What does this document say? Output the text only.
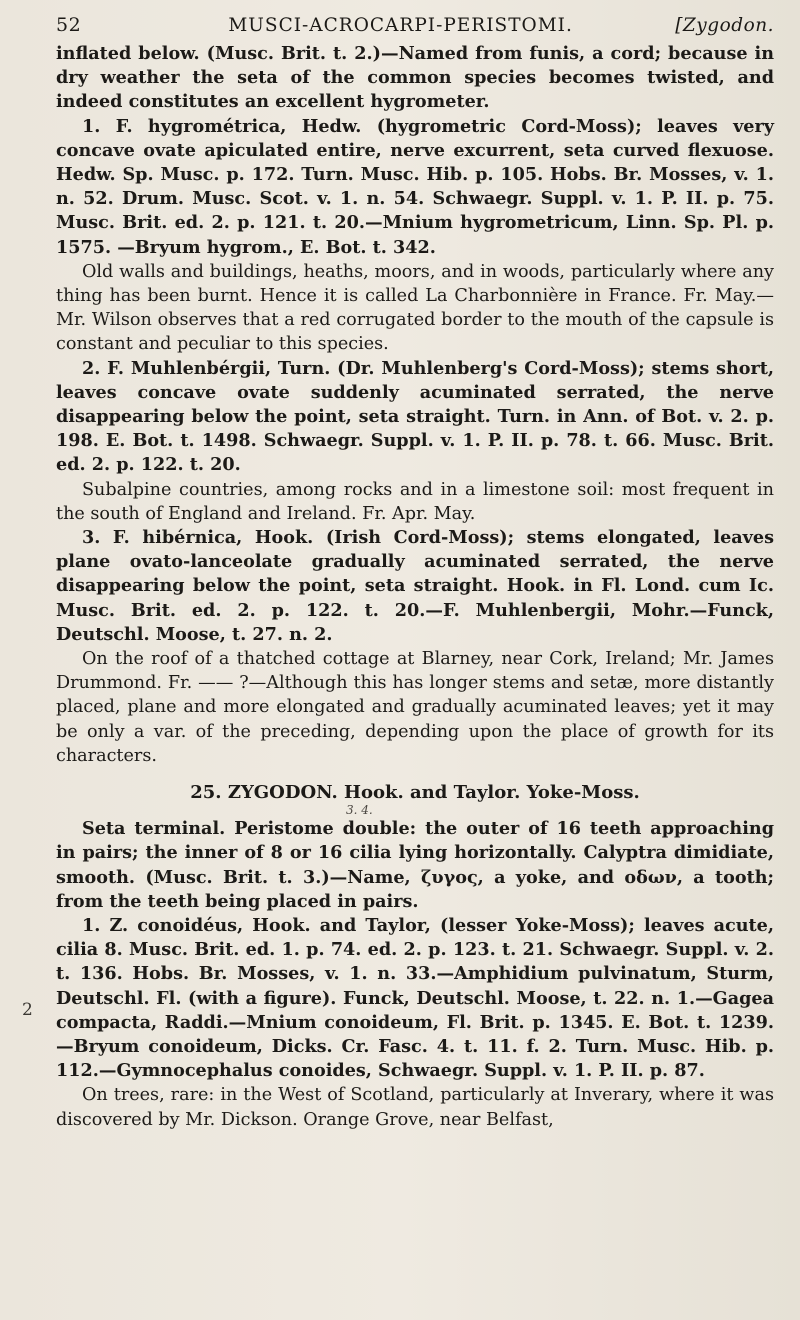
52	MUSCI-ACROCARPI-PERISTOMI.	[Zygodon.

inflated below. (Musc. Brit. t. 2.)—Named from funis, a cord; because in dry weather the seta of the common species becomes twisted, and indeed constitutes an excellent hygrometer.

1. F. hygrométrica, Hedw. (hygrometric Cord-Moss); leaves very concave ovate apiculated entire, nerve excurrent, seta curved flexuose. Hedw. Sp. Musc. p. 172. Turn. Musc. Hib. p. 105. Hobs. Br. Mosses, v. 1. n. 52. Drum. Musc. Scot. v. 1. n. 54. Schwaegr. Suppl. v. 1. P. II. p. 75. Musc. Brit. ed. 2. p. 121. t. 20.—Mnium hygrometricum, Linn. Sp. Pl. p. 1575. —Bryum hygrom., E. Bot. t. 342.

Old walls and buildings, heaths, moors, and in woods, particularly where any thing has been burnt. Hence it is called La Charbonnière in France. Fr. May.—Mr. Wilson observes that a red corrugated border to the mouth of the capsule is constant and peculiar to this species.

2. F. Muhlenbérgii, Turn. (Dr. Muhlenberg's Cord-Moss); stems short, leaves concave ovate suddenly acuminated serrated, the nerve disappearing below the point, seta straight. Turn. in Ann. of Bot. v. 2. p. 198. E. Bot. t. 1498. Schwaegr. Suppl. v. 1. P. II. p. 78. t. 66. Musc. Brit. ed. 2. p. 122. t. 20.

Subalpine countries, among rocks and in a limestone soil: most frequent in the south of England and Ireland. Fr. Apr. May.

3. F. hibérnica, Hook. (Irish Cord-Moss); stems elongated, leaves plane ovato-lanceolate gradually acuminated serrated, the nerve disappearing below the point, seta straight. Hook. in Fl. Lond. cum Ic. Musc. Brit. ed. 2. p. 122. t. 20.—F. Muhlenbergii, Mohr.—Funck, Deutschl. Moose, t. 27. n. 2.

On the roof of a thatched cottage at Blarney, near Cork, Ireland; Mr. James Drummond. Fr. —— ?—Although this has longer stems and setæ, more distantly placed, plane and more elongated and gradually acuminated leaves; yet it may be only a var. of the preceding, depending upon the place of growth for its characters.

25. ZYGODON. Hook. and Taylor. Yoke-Moss.
3. 4.

Seta terminal. Peristome double: the outer of 16 teeth approaching in pairs; the inner of 8 or 16 cilia lying horizontally. Calyptra dimidiate, smooth. (Musc. Brit. t. 3.)—Name, ζυγος, a yoke, and οδων, a tooth; from the teeth being placed in pairs.

1. Z. conoidéus, Hook. and Taylor, (lesser Yoke-Moss); leaves acute, cilia 8. Musc. Brit. ed. 1. p. 74. ed. 2. p. 123. t. 21. Schwaegr. Suppl. v. 2. t. 136. Hobs. Br. Mosses, v. 1. n. 33.—Amphidium pulvinatum, Sturm, Deutschl. Fl. (with a figure). Funck, Deutschl. Moose, t. 22. n. 1.—Gagea compacta, Raddi.—Mnium conoideum, Fl. Brit. p. 1345. E. Bot. t. 1239.—Bryum conoideum, Dicks. Cr. Fasc. 4. t. 11. f. 2. Turn. Musc. Hib. p. 112.—Gymnocephalus conoides, Schwaegr. Suppl. v. 1. P. II. p. 87.

On trees, rare: in the West of Scotland, particularly at Inverary, where it was discovered by Mr. Dickson. Orange Grove, near Belfast,

2
